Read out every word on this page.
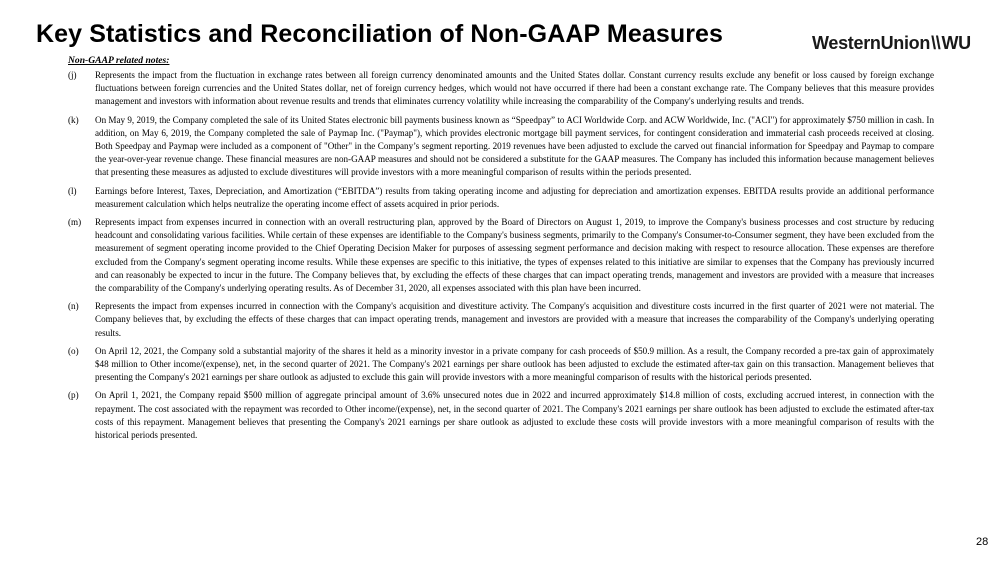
Key Statistics and Reconciliation of Non-GAAP Measures	WesternUnion\\WU
Non-GAAP related notes:
(j)	Represents the impact from the fluctuation in exchange rates between all foreign currency denominated amounts and the United States dollar. Constant currency results exclude any benefit or loss caused by foreign exchange fluctuations between foreign currencies and the United States dollar, net of foreign currency hedges, which would not have occurred if there had been a constant exchange rate. The Company believes that this measure provides management and investors with information about revenue results and trends that eliminates currency volatility while increasing the comparability of the Company's underlying results and trends.
(k)	On May 9, 2019, the Company completed the sale of its United States electronic bill payments business known as “Speedpay” to ACI Worldwide Corp. and ACW Worldwide, Inc. ("ACI") for approximately $750 million in cash. In addition, on May 6, 2019, the Company completed the sale of Paymap Inc. ("Paymap"), which provides electronic mortgage bill payment services, for contingent consideration and immaterial cash proceeds received at closing. Both Speedpay and Paymap were included as a component of "Other" in the Company’s segment reporting. 2019 revenues have been adjusted to exclude the carved out financial information for Speedpay and Paymap to compare the year-over-year revenue change. These financial measures are non-GAAP measures and should not be considered a substitute for the GAAP measures. The Company has included this information because management believes that presenting these measures as adjusted to exclude divestitures will provide investors with a more meaningful comparison of results within the periods presented.
(l)	Earnings before Interest, Taxes, Depreciation, and Amortization (“EBITDA”) results from taking operating income and adjusting for depreciation and amortization expenses. EBITDA results provide an additional performance measurement calculation which helps neutralize the operating income effect of assets acquired in prior periods.
(m)	Represents impact from expenses incurred in connection with an overall restructuring plan, approved by the Board of Directors on August 1, 2019, to improve the Company's business processes and cost structure by reducing headcount and consolidating various facilities. While certain of these expenses are identifiable to the Company's business segments, primarily to the Company's Consumer-to-Consumer segment, they have been excluded from the measurement of segment operating income provided to the Chief Operating Decision Maker for purposes of assessing segment performance and decision making with respect to resource allocation. These expenses are therefore excluded from the Company's segment operating income results. While these expenses are specific to this initiative, the types of expenses related to this initiative are similar to expenses that the Company has previously incurred and can reasonably be expected to incur in the future. The Company believes that, by excluding the effects of these charges that can impact operating trends, management and investors are provided with a measure that increases the comparability of the Company's underlying operating results. As of December 31, 2020, all expenses associated with this plan have been incurred.
(n)	Represents the impact from expenses incurred in connection with the Company's acquisition and divestiture activity. The Company's acquisition and divestiture costs incurred in the first quarter of 2021 were not material. The Company believes that, by excluding the effects of these charges that can impact operating trends, management and investors are provided with a measure that increases the comparability of the Company's underlying operating results.
(o)	On April 12, 2021, the Company sold a substantial majority of the shares it held as a minority investor in a private company for cash proceeds of $50.9 million. As a result, the Company recorded a pre-tax gain of approximately $48 million to Other income/(expense), net, in the second quarter of 2021. The Company's 2021 earnings per share outlook has been adjusted to exclude the estimated after-tax gain on this transaction. Management believes that presenting the Company's 2021 earnings per share outlook as adjusted to exclude this gain will provide investors with a more meaningful comparison of results with the historical periods presented.
(p)	On April 1, 2021, the Company repaid $500 million of aggregate principal amount of 3.6% unsecured notes due in 2022 and incurred approximately $14.8 million of costs, excluding accrued interest, in connection with the repayment. The cost associated with the repayment was recorded to Other income/(expense), net, in the second quarter of 2021. The Company's 2021 earnings per share outlook has been adjusted to exclude the estimated after-tax costs of this repayment. Management believes that presenting the Company's 2021 earnings per share outlook as adjusted to exclude these costs will provide investors with a more meaningful comparison of results with the historical periods presented.
28
